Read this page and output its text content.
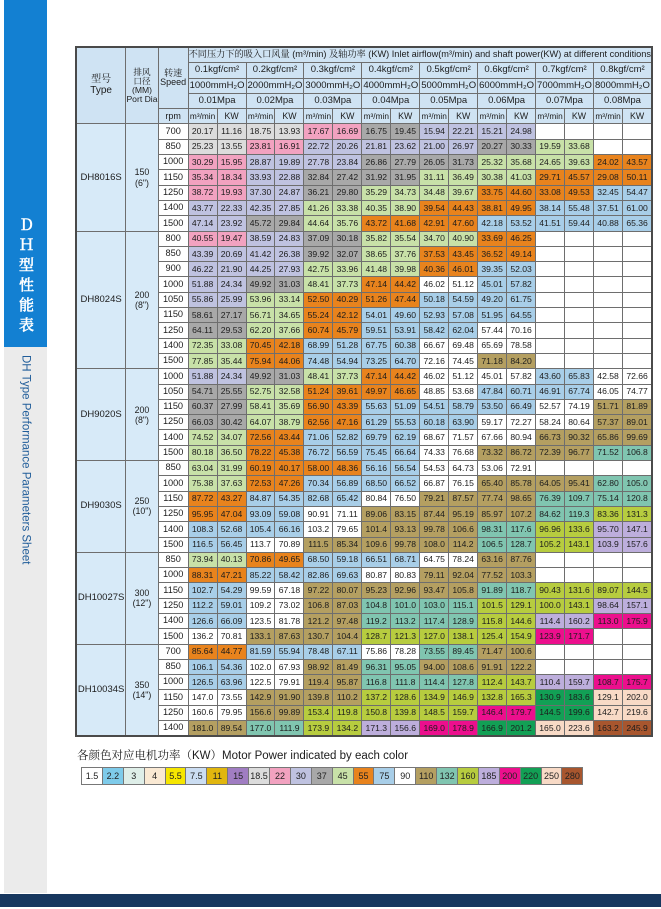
ＤＨ型性能表
DH Type Performance Parameters Sheet
型号
Type	排风
口径
(MM)
Port Dia	转速
Speed	不同压力下的吸入口风量 (m³/min) 及轴功率 (KW) Inlet airflow(m³/min) and shaft power(KW) at different conditions															
			0.1kgf/cm²		0.2kgf/cm²		0.3kgf/cm²		0.4kgf/cm²		0.5kgf/cm²		0.6kgf/cm²		0.7kgf/cm²		0.8kgf/cm²	
			1000mmH₂O		2000mmH₂O		3000mmH₂O		4000mmH₂O		5000mmH₂O		6000mmH₂O		7000mmH₂O		8000mmH₂O	
			0.01Mpa		0.02Mpa		0.03Mpa		0.04Mpa		0.05Mpa		0.06Mpa		0.07Mpa		0.08Mpa	
		rpm	m³/min	KW	m³/min	KW	m³/min	KW	m³/min	KW	m³/min	KW	m³/min	KW	m³/min	KW	m³/min	KW
DH8016S	150
(6")	700	20.17	11.16	18.75	13.93	17.67	16.69	16.75	19.45	15.94	22.21	15.21	24.98				
		850	25.23	13.55	23.81	16.91	22.72	20.26	21.81	23.62	21.00	26.97	20.27	30.33	19.59	33.68		
		1000	30.29	15.95	28.87	19.89	27.78	23.84	26.86	27.79	26.05	31.73	25.32	35.68	24.65	39.63	24.02	43.57
		1150	35.34	18.34	33.93	22.88	32.84	27.42	31.92	31.95	31.11	36.49	30.38	41.03	29.71	45.57	29.08	50.11
		1250	38.72	19.93	37.30	24.87	36.21	29.80	35.29	34.73	34.48	39.67	33.75	44.60	33.08	49.53	32.45	54.47
		1400	43.77	22.33	42.35	27.85	41.26	33.38	40.35	38.90	39.54	44.43	38.81	49.95	38.14	55.48	37.51	61.00
		1500	47.14	23.92	45.72	29.84	44.64	35.76	43.72	41.68	42.91	47.60	42.18	53.52	41.51	59.44	40.88	65.36
DH8024S	200
(8")	800	40.55	19.47	38.59	24.83	37.09	30.18	35.82	35.54	34.70	40.90	33.69	46.25				
		850	43.39	20.69	41.42	26.38	39.92	32.07	38.65	37.76	37.53	43.45	36.52	49.14				
		900	46.22	21.90	44.25	27.93	42.75	33.96	41.48	39.98	40.36	46.01	39.35	52.03				
		1000	51.88	24.34	49.92	31.03	48.41	37.73	47.14	44.42	46.02	51.12	45.01	57.82				
		1050	55.86	25.99	53.96	33.14	52.50	40.29	51.26	47.44	50.18	54.59	49.20	61.75				
		1150	58.61	27.17	56.71	34.65	55.24	42.12	54.01	49.60	52.93	57.08	51.95	64.55				
		1250	64.11	29.53	62.20	37.66	60.74	45.79	59.51	53.91	58.42	62.04	57.44	70.16				
		1400	72.35	33.08	70.45	42.18	68.99	51.28	67.75	60.38	66.67	69.48	65.69	78.58				
		1500	77.85	35.44	75.94	44.06	74.48	54.94	73.25	64.70	72.16	74.45	71.18	84.20				
DH9020S	200
(8")	1000	51.88	24.34	49.92	31.03	48.41	37.73	47.14	44.42	46.02	51.12	45.01	57.82	43.60	65.83	42.58	72.66
		1050	54.71	25.55	52.75	32.58	51.24	39.61	49.97	46.65	48.85	53.68	47.84	60.71	46.91	67.74	46.05	74.77
		1150	60.37	27.99	58.41	35.69	56.90	43.39	55.63	51.09	54.51	58.79	53.50	66.49	52.57	74.19	51.71	81.89
		1250	66.03	30.42	64.07	38.79	62.56	47.16	61.29	55.53	60.18	63.90	59.17	72.27	58.24	80.64	57.37	89.01
		1400	74.52	34.07	72.56	43.44	71.06	52.82	69.79	62.19	68.67	71.57	67.66	80.94	66.73	90.32	65.86	99.69
		1500	80.18	36.50	78.22	45.38	76.72	56.59	75.45	66.64	74.33	76.68	73.32	86.72	72.39	96.77	71.52	106.8
DH9030S	250
(10")	850	63.04	31.99	60.19	40.17	58.00	48.36	56.16	56.54	54.53	64.73	53.06	72.91				
		1000	75.38	37.63	72.53	47.26	70.34	56.89	68.50	66.52	66.87	76.15	65.40	85.78	64.05	95.41	62.80	105.0
		1150	87.72	43.27	84.87	54.35	82.68	65.42	80.84	76.50	79.21	87.57	77.74	98.65	76.39	109.7	75.14	120.8
		1250	95.95	47.04	93.09	59.08	90.91	71.11	89.06	83.15	87.44	95.19	85.97	107.2	84.62	119.3	83.36	131.3
		1400	108.3	52.68	105.4	66.16	103.2	79.65	101.4	93.13	99.78	106.6	98.31	117.6	96.96	133.6	95.70	147.1
		1500	116.5	56.45	113.7	70.89	111.5	85.34	109.6	99.78	108.0	114.2	106.5	128.7	105.2	143.1	103.9	157.6
DH10027S	300
(12")	850	73.94	40.13	70.86	49.65	68.50	59.18	66.51	68.71	64.75	78.24	63.16	87.76				
		1000	88.31	47.21	85.22	58.42	82.86	69.63	80.87	80.83	79.11	92.04	77.52	103.3				
		1150	102.7	54.29	99.59	67.18	97.22	80.07	95.23	92.96	93.47	105.8	91.89	118.7	90.43	131.6	89.07	144.5
		1250	112.2	59.01	109.2	73.02	106.8	87.03	104.8	101.0	103.0	115.1	101.5	129.1	100.0	143.1	98.64	157.1
		1400	126.6	66.09	123.5	81.78	121.2	97.48	119.2	113.2	117.4	128.9	115.8	144.6	114.4	160.2	113.0	175.9
		1500	136.2	70.81	133.1	87.63	130.7	104.4	128.7	121.3	127.0	138.1	125.4	154.9	123.9	171.7		
DH10034S	350
(14")	700	85.64	44.77	81.59	55.94	78.48	67.11	75.86	78.28	73.55	89.45	71.47	100.6				
		850	106.1	54.36	102.0	67.93	98.92	81.49	96.31	95.05	94.00	108.6	91.91	122.2				
		1000	126.5	63.96	122.5	79.91	119.4	95.87	116.8	111.8	114.4	127.8	112.4	143.7	110.4	159.7	108.7	175.7
		1150	147.0	73.55	142.9	91.90	139.8	110.2	137.2	128.6	134.9	146.9	132.8	165.3	130.9	183.6	129.1	202.0
		1250	160.6	79.95	156.6	99.89	153.4	119.8	150.8	139.8	148.5	159.7	146.4	179.7	144.5	199.6	142.7	219.6
		1400	181.0	89.54	177.0	111.9	173.9	134.2	171.3	156.6	169.0	178.9	166.9	201.2	165.0	223.6	163.2	245.9
各颜色对应电机功率（KW）Motor Power indicated by each color
1.5 2.2	3	4	5.5 7.5	11	15 18.5 22	30	37	45	55	75	90 110 132 160 185 200 220 250 280
